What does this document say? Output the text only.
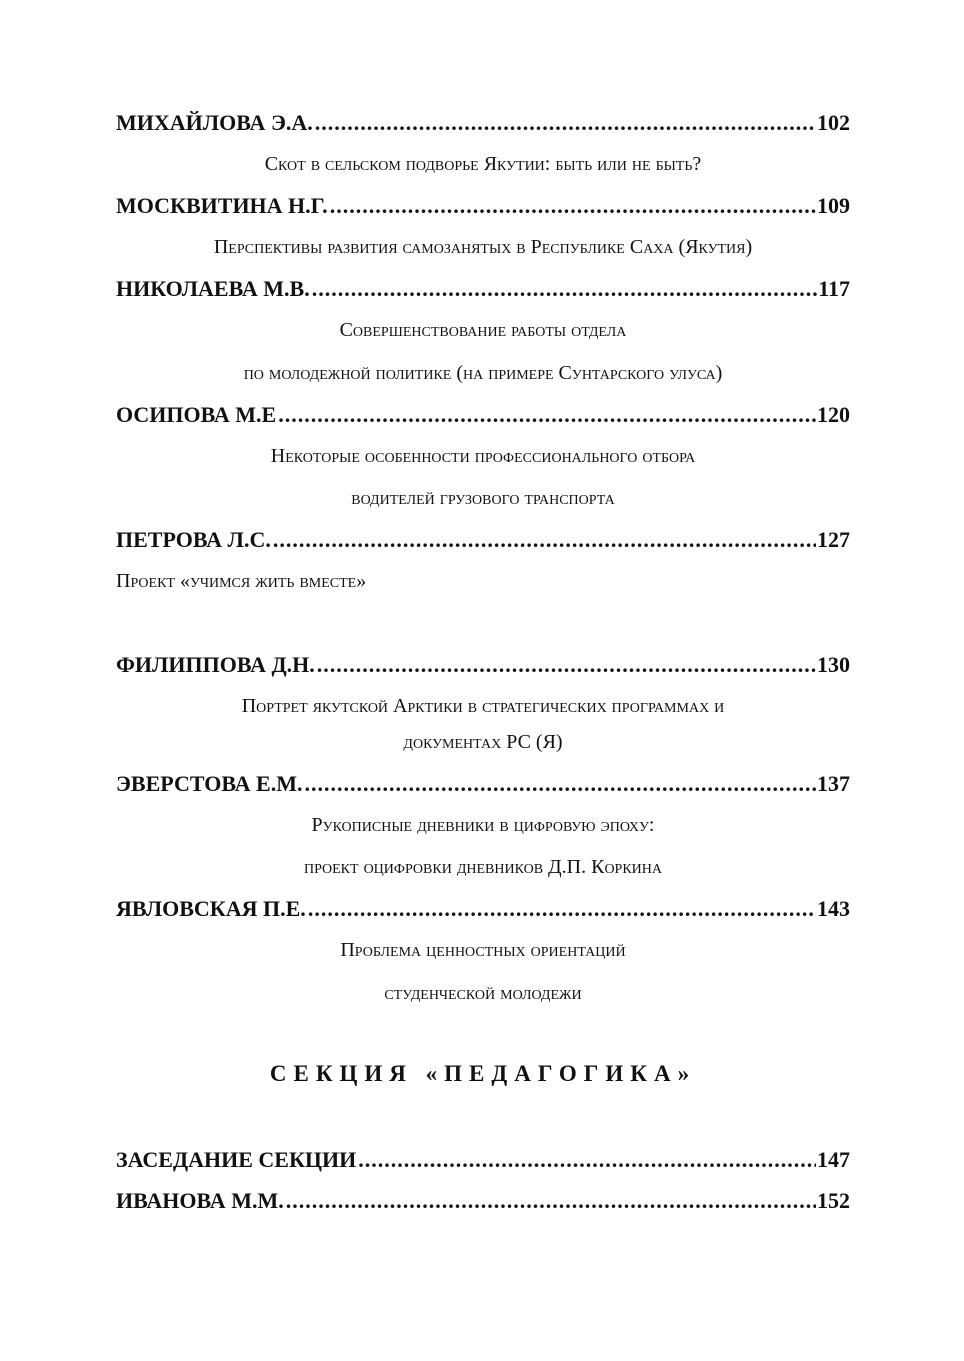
МИХАЙЛОВА Э.А. .....	102
Скот в сельском подворье Якутии: быть или не быть?
МОСКВИТИНА Н.Г. .....	109
Перспективы развития самозанятых в Республике Саха (Якутия)
НИКОЛАЕВА М.В. .....	117
Совершенствование работы отдела
по молодежной политике (на примере Сунтарского улуса)
ОСИПОВА М.Е .....	120
Некоторые особенности профессионального отбора
водителей грузового транспорта
ПЕТРОВА Л.С. .....	127
Проект «учимся жить вместе»
ФИЛИППОВА Д.Н. .....	130
Портрет якутской Арктики в стратегических программах и
документах РС (Я)
ЭВЕРСТОВА Е.М. .....	137
Рукописные дневники в цифровую эпоху:
проект оцифровки дневников Д.П. Коркина
ЯВЛОВСКАЯ П.Е. .....	143
Проблема ценностных ориентаций
студенческой молодежи
СЕКЦИЯ «ПЕДАГОГИКА»
ЗАСЕДАНИЕ СЕКЦИИ .....	147
ИВАНОВА М.М. .....	152
